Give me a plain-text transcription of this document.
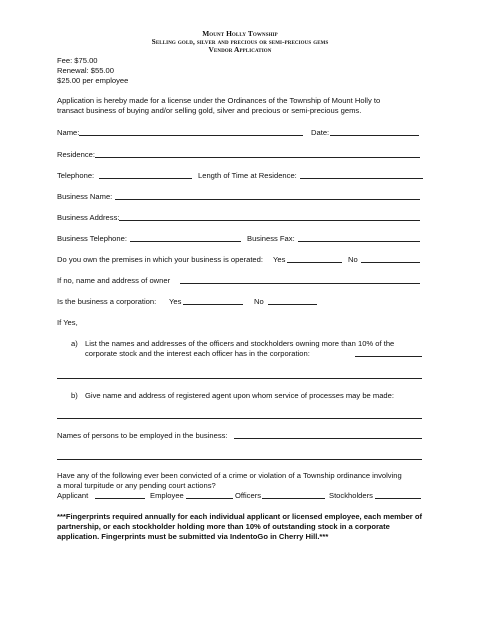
Mount Holly Township
Selling gold, silver and precious or semi-precious gems
Vendor Application
Fee: $75.00
Renewal: $55.00
$25.00 per employee
Application is hereby made for a license under the Ordinances of the Township of Mount Holly to
transact business of buying and/or selling gold, silver and precious or semi-precious gems.
Name:	Date:
Residence:
Telephone:	Length of Time at Residence:
Business Name:
Business Address:
Business Telephone:	Business Fax:
Do you own the premises in which your business is operated: Yes	No
If no, name and address of owner
Is the business a corporation: Yes	No
If Yes,
a) List the names and addresses of the officers and stockholders owning more than 10% of the
corporate stock and the interest each officer has in the corporation:
b) Give name and address of registered agent upon whom service of processes may be made:
Names of persons to be employed in the business:
Have any of the following ever been convicted of a crime or violation of a Township ordinance involving
a moral turpitude or any pending court actions?
Applicant	Employee	Officers	Stockholders
***Fingerprints required annually for each individual applicant or licensed employee, each member of
partnership, or each stockholder holding more than 10% of outstanding stock in a corporate
application. Fingerprints must be submitted via IndentoGo in Cherry Hill.***
